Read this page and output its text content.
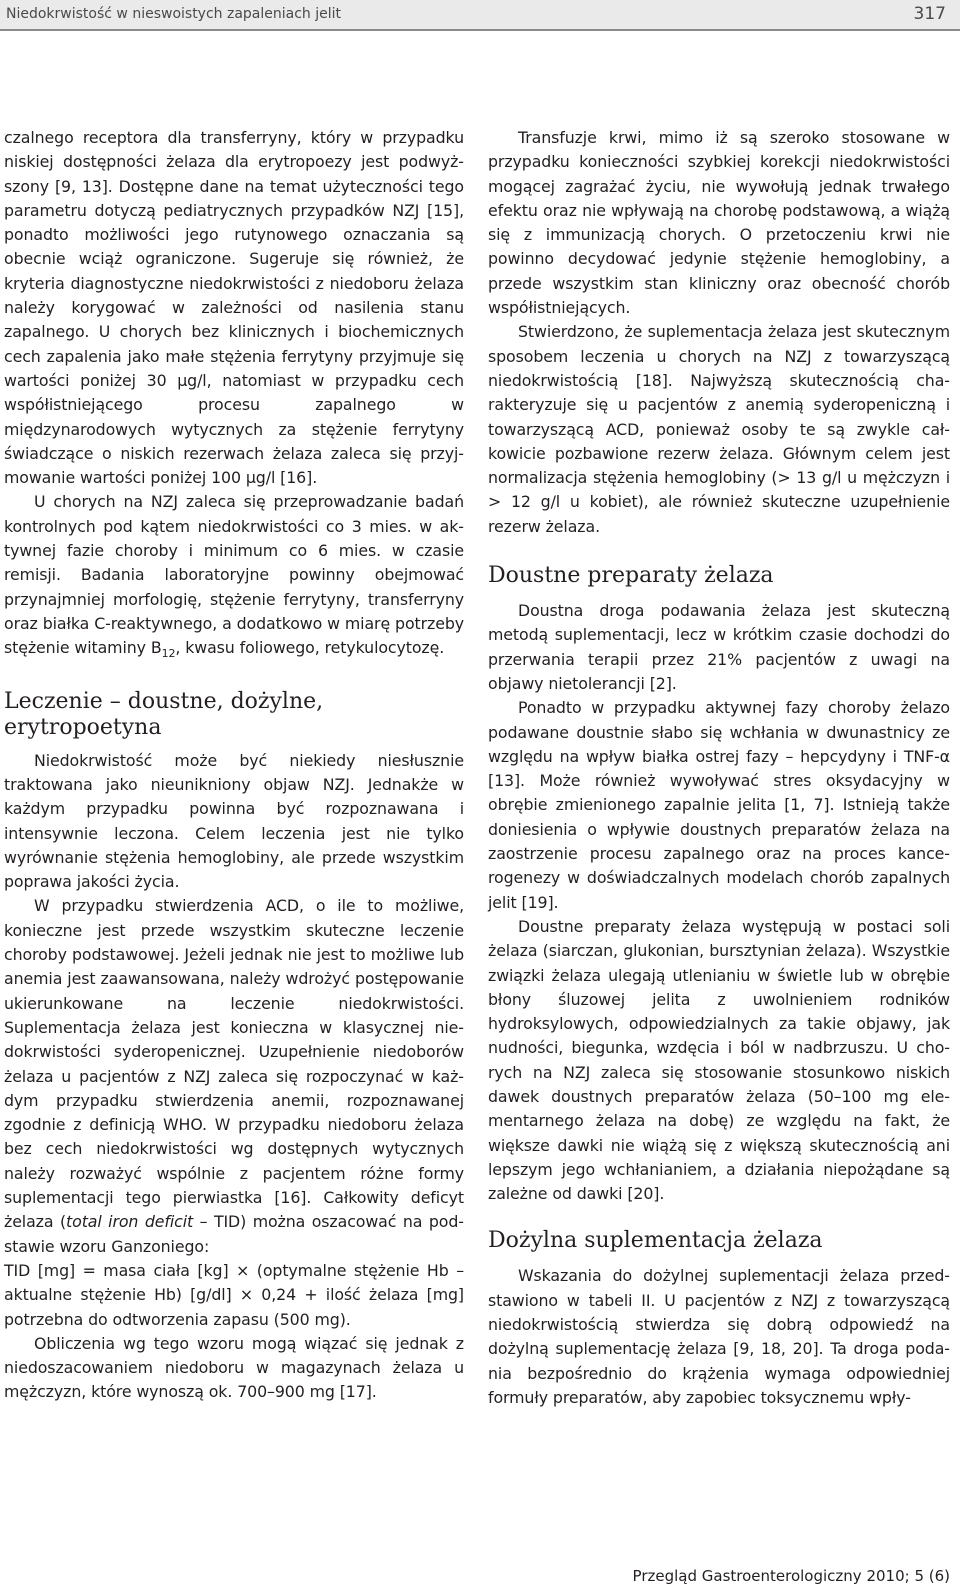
Niedokrwistość w nieswoistych zapaleniach jelit	317

czalnego receptora dla transferryny, który w przypadku niskiej dostępności żelaza dla erytropoezy jest podwyższony [9, 13]. Dostępne dane na temat użyteczności tego parametru dotyczą pediatrycznych przypadków NZJ [15], ponadto możliwości jego rutynowego oznaczania są obecnie wciąż ograniczone. Sugeruje się również, że kryteria diagnostyczne niedokrwistości z niedoboru żelaza należy korygować w zależności od nasilenia stanu zapalnego. U chorych bez klinicznych i biochemicznych cech zapalenia jako małe stężenia ferrytyny przyjmuje się wartości poniżej 30 µg/l, natomiast w przypadku cech współistniejącego procesu zapalnego w międzynarodowych wytycznych za stężenie ferrytyny świadczące o niskich rezerwach żelaza zaleca się przyjmowanie wartości poniżej 100 µg/l [16].

U chorych na NZJ zaleca się przeprowadzanie badań kontrolnych pod kątem niedokrwistości co 3 mies. w aktywnej fazie choroby i minimum co 6 mies. w czasie remisji. Badania laboratoryjne powinny obejmować przynajmniej morfologię, stężenie ferrytyny, transferryny oraz białka C-reaktywnego, a dodatkowo w miarę potrzeby stężenie witaminy $B_{12}$, kwasu foliowego, retykulocytozę.

Leczenie – doustne, dożylne,
erytropoetyna

Niedokrwistość może być niekiedy niesłusznie traktowana jako nieunikniony objaw NZJ. Jednakże w każdym przypadku powinna być rozpoznawana i intensywnie leczona. Celem leczenia jest nie tylko wyrównanie stężenia hemoglobiny, ale przede wszystkim poprawa jakości życia.

W przypadku stwierdzenia ACD, o ile to możliwe, konieczne jest przede wszystkim skuteczne leczenie choroby podstawowej. Jeżeli jednak nie jest to możliwe lub anemia jest zaawansowana, należy wdrożyć postępowanie ukierunkowane na leczenie niedokrwistości. Suplementacja żelaza jest konieczna w klasycznej niedokrwistości syderopenicznej. Uzupełnienie niedoborów żelaza u pacjentów z NZJ zaleca się rozpoczynać w każdym przypadku stwierdzenia anemii, rozpoznawanej zgodnie z definicją WHO. W przypadku niedoboru żelaza bez cech niedokrwistości wg dostępnych wytycznych należy rozważyć wspólnie z pacjentem różne formy suplementacji tego pierwiastka [16]. Całkowity deficyt żelaza (total iron deficit – TID) można oszacować na podstawie wzoru Ganzoniego:

TID [mg] = masa ciała [kg] × (optymalne stężenie Hb – aktualne stężenie Hb) [g/dl] × 0,24 + ilość żelaza [mg] potrzebna do odtworzenia zapasu (500 mg).

Obliczenia wg tego wzoru mogą wiązać się jednak z niedoszacowaniem niedoboru w magazynach żelaza u mężczyzn, które wynoszą ok. 700–900 mg [17].

Transfuzje krwi, mimo iż są szeroko stosowane w przypadku konieczności szybkiej korekcji niedokrwistości mogącej zagrażać życiu, nie wywołują jednak trwałego efektu oraz nie wpływają na chorobę podstawową, a wiążą się z immunizacją chorych. O przetoczeniu krwi nie powinno decydować jedynie stężenie hemoglobiny, a przede wszystkim stan kliniczny oraz obecność chorób współistniejących.

Stwierdzono, że suplementacja żelaza jest skutecznym sposobem leczenia u chorych na NZJ z towarzyszącą niedokrwistością [18]. Najwyższą skutecznością charakteryzuje się u pacjentów z anemią syderopeniczną i towarzyszącą ACD, ponieważ osoby te są zwykle całkowicie pozbawione rezerw żelaza. Głównym celem jest normalizacja stężenia hemoglobiny (> 13 g/l u mężczyzn i > 12 g/l u kobiet), ale również skuteczne uzupełnienie rezerw żelaza.

Doustne preparaty żelaza

Doustna droga podawania żelaza jest skuteczną metodą suplementacji, lecz w krótkim czasie dochodzi do przerwania terapii przez 21% pacjentów z uwagi na objawy nietolerancji [2].

Ponadto w przypadku aktywnej fazy choroby żelazo podawane doustnie słabo się wchłania w dwunastnicy ze względu na wpływ białka ostrej fazy – hepcydyny i TNF-α [13]. Może również wywoływać stres oksydacyjny w obrębie zmienionego zapalnie jelita [1, 7]. Istnieją także doniesienia o wpływie doustnych preparatów żelaza na zaostrzenie procesu zapalnego oraz na proces kancerogenezy w doświadczalnych modelach chorób zapalnych jelit [19].

Doustne preparaty żelaza występują w postaci soli żelaza (siarczan, glukonian, bursztynian żelaza). Wszystkie związki żelaza ulegają utlenianiu w świetle lub w obrębie błony śluzowej jelita z uwolnieniem rodników hydroksylowych, odpowiedzialnych za takie objawy, jak nudności, biegunka, wzdęcia i ból w nadbrzuszu. U chorych na NZJ zaleca się stosowanie stosunkowo niskich dawek doustnych preparatów żelaza (50–100 mg elementarnego żelaza na dobę) ze względu na fakt, że większe dawki nie wiążą się z większą skutecznością ani lepszym jego wchłanianiem, a działania niepożądane są zależne od dawki [20].

Dożylna suplementacja żelaza

Wskazania do dożylnej suplementacji żelaza przedstawiono w tabeli II. U pacjentów z NZJ z towarzyszącą niedokrwistością stwierdza się dobrą odpowiedź na dożylną suplementację żelaza [9, 18, 20]. Ta droga podania bezpośrednio do krążenia wymaga odpowiedniej formuły preparatów, aby zapobiec toksycznemu wpły-

Przegląd Gastroenterologiczny 2010; 5 (6)
